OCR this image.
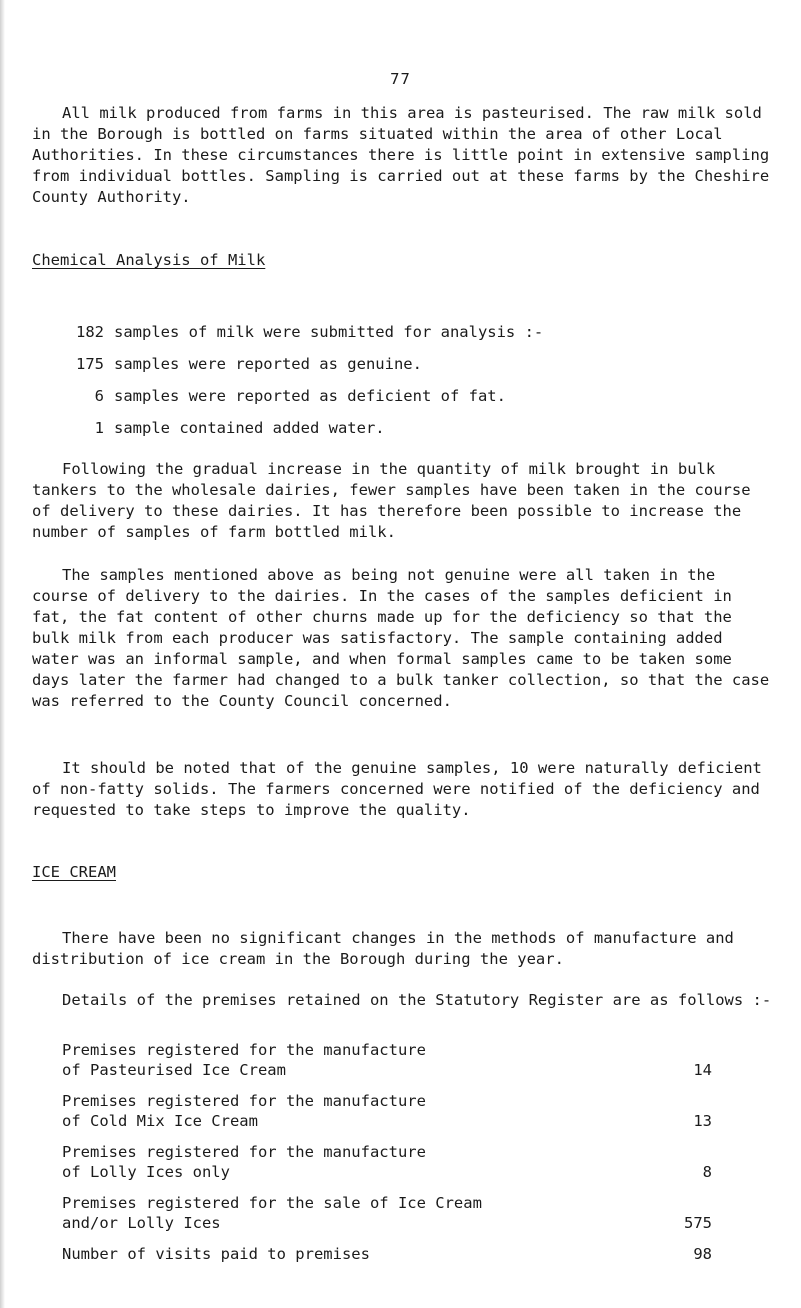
77
All milk produced from farms in this area is pasteurised. The raw milk sold in the Borough is bottled on farms situated within the area of other Local Authorities. In these circumstances there is little point in extensive sampling from individual bottles. Sampling is carried out at these farms by the Cheshire County Authority.
Chemical Analysis of Milk
182 samples of milk were submitted for analysis :-
175 samples were reported as genuine.
6 samples were reported as deficient of fat.
1 sample contained added water.
Following the gradual increase in the quantity of milk brought in bulk tankers to the wholesale dairies, fewer samples have been taken in the course of delivery to these dairies. It has therefore been possible to increase the number of samples of farm bottled milk.
The samples mentioned above as being not genuine were all taken in the course of delivery to the dairies. In the cases of the samples deficient in fat, the fat content of other churns made up for the deficiency so that the bulk milk from each producer was satisfactory. The sample containing added water was an informal sample, and when formal samples came to be taken some days later the farmer had changed to a bulk tanker collection, so that the case was referred to the County Council concerned.
It should be noted that of the genuine samples, 10 were naturally deficient of non-fatty solids. The farmers concerned were notified of the deficiency and requested to take steps to improve the quality.
ICE CREAM
There have been no significant changes in the methods of manufacture and distribution of ice cream in the Borough during the year.
Details of the premises retained on the Statutory Register are as follows :-
Premises registered for the manufacture
of Pasteurised Ice Cream	14
Premises registered for the manufacture
of Cold Mix Ice Cream	13
Premises registered for the manufacture
of Lolly Ices only	8
Premises registered for the sale of Ice Cream
and/or Lolly Ices	575
Number of visits paid to premises	98
